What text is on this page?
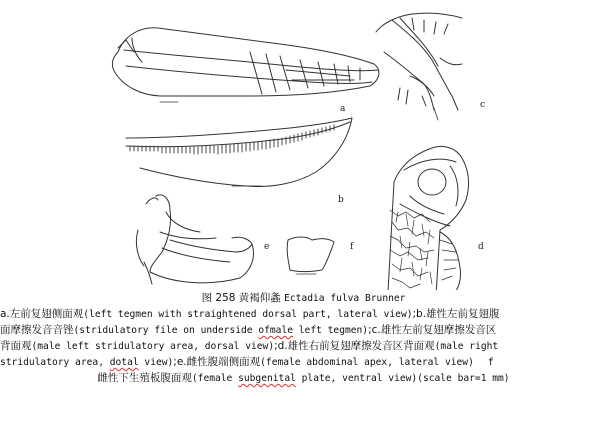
a
b
c
d
e	f
图 258 黄褐仰螽 Ectadia fulva Brunner
a.左前复翅侧面观(left tegmen with straightened dorsal part, lateral view);b.雄性左前复翅腹
面摩擦发音音锉(stridulatory file on underside ofmale left tegmen);c.雄性左前复翅摩擦发音区
背面观(male left stridulatory area, dorsal view);d.雄性右前复翅摩擦发音区背面观(male right
stridulatory area, dotal view);e.雌性腹端侧面观(female abdominal apex, lateral view) f
雌性下生殖板腹面观(female subgenital plate, ventral view)(scale bar=1 mm)
